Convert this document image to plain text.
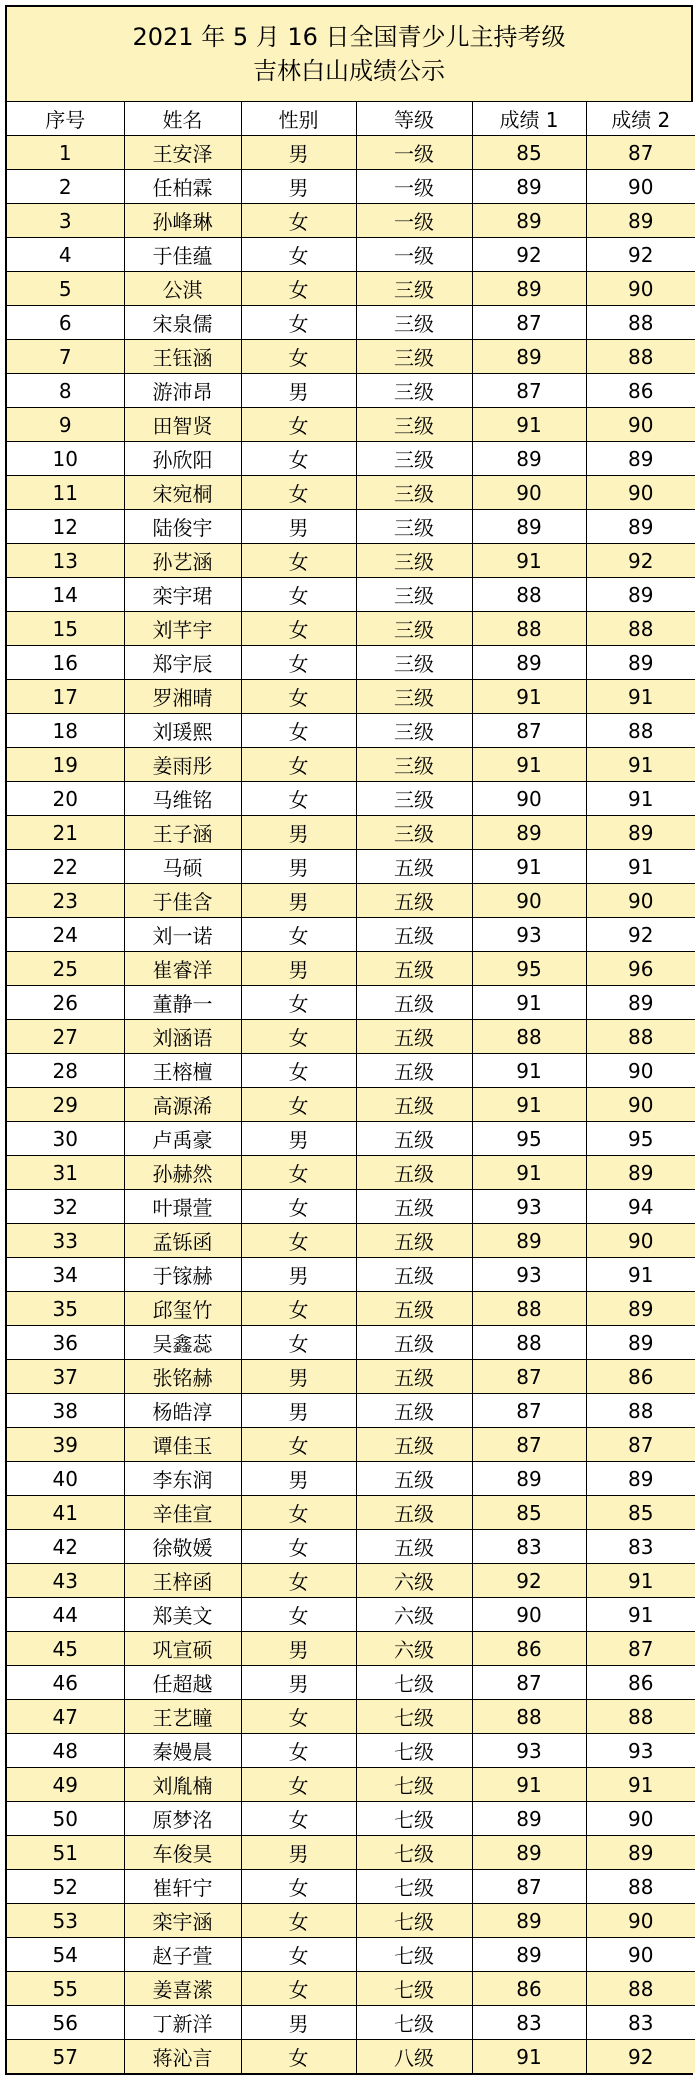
2021 年 5 月 16 日全国青少儿主持考级
吉林白山成绩公示
序号	姓名	性别	等级	成绩 1	成绩 2
1	王安泽	男	一级	85	87
2	任柏霖	男	一级	89	90
3	孙峰琳	女	一级	89	89
4	于佳蕴	女	一级	92	92
5	公淇	女	三级	89	90
6	宋泉儒	女	三级	87	88
7	王钰涵	女	三级	89	88
8	游沛昂	男	三级	87	86
9	田智贤	女	三级	91	90
10	孙欣阳	女	三级	89	89
11	宋宛桐	女	三级	90	90
12	陆俊宇	男	三级	89	89
13	孙艺涵	女	三级	91	92
14	栾宇珺	女	三级	88	89
15	刘芊宇	女	三级	88	88
16	郑宇辰	女	三级	89	89
17	罗湘晴	女	三级	91	91
18	刘瑗熙	女	三级	87	88
19	姜雨彤	女	三级	91	91
20	马维铭	女	三级	90	91
21	王子涵	男	三级	89	89
22	马硕	男	五级	91	91
23	于佳含	男	五级	90	90
24	刘一诺	女	五级	93	92
25	崔睿洋	男	五级	95	96
26	董静一	女	五级	91	89
27	刘涵语	女	五级	88	88
28	王榕檀	女	五级	91	90
29	高源浠	女	五级	91	90
30	卢禹豪	男	五级	95	95
31	孙赫然	女	五级	91	89
32	叶璟萱	女	五级	93	94
33	孟铄函	女	五级	89	90
34	于镓赫	男	五级	93	91
35	邱玺竹	女	五级	88	89
36	吴鑫蕊	女	五级	88	89
37	张铭赫	男	五级	87	86
38	杨皓淳	男	五级	87	88
39	谭佳玉	女	五级	87	87
40	李东润	男	五级	89	89
41	辛佳宣	女	五级	85	85
42	徐敬媛	女	五级	83	83
43	王梓函	女	六级	92	91
44	郑美文	女	六级	90	91
45	巩宣硕	男	六级	86	87
46	任超越	男	七级	87	86
47	王艺瞳	女	七级	88	88
48	秦嫚晨	女	七级	93	93
49	刘胤楠	女	七级	91	91
50	原梦洺	女	七级	89	90
51	车俊昊	男	七级	89	89
52	崔轩宁	女	七级	87	88
53	栾宇涵	女	七级	89	90
54	赵子萱	女	七级	89	90
55	姜喜潆	女	七级	86	88
56	丁新洋	男	七级	83	83
57	蒋沁言	女	八级	91	92
